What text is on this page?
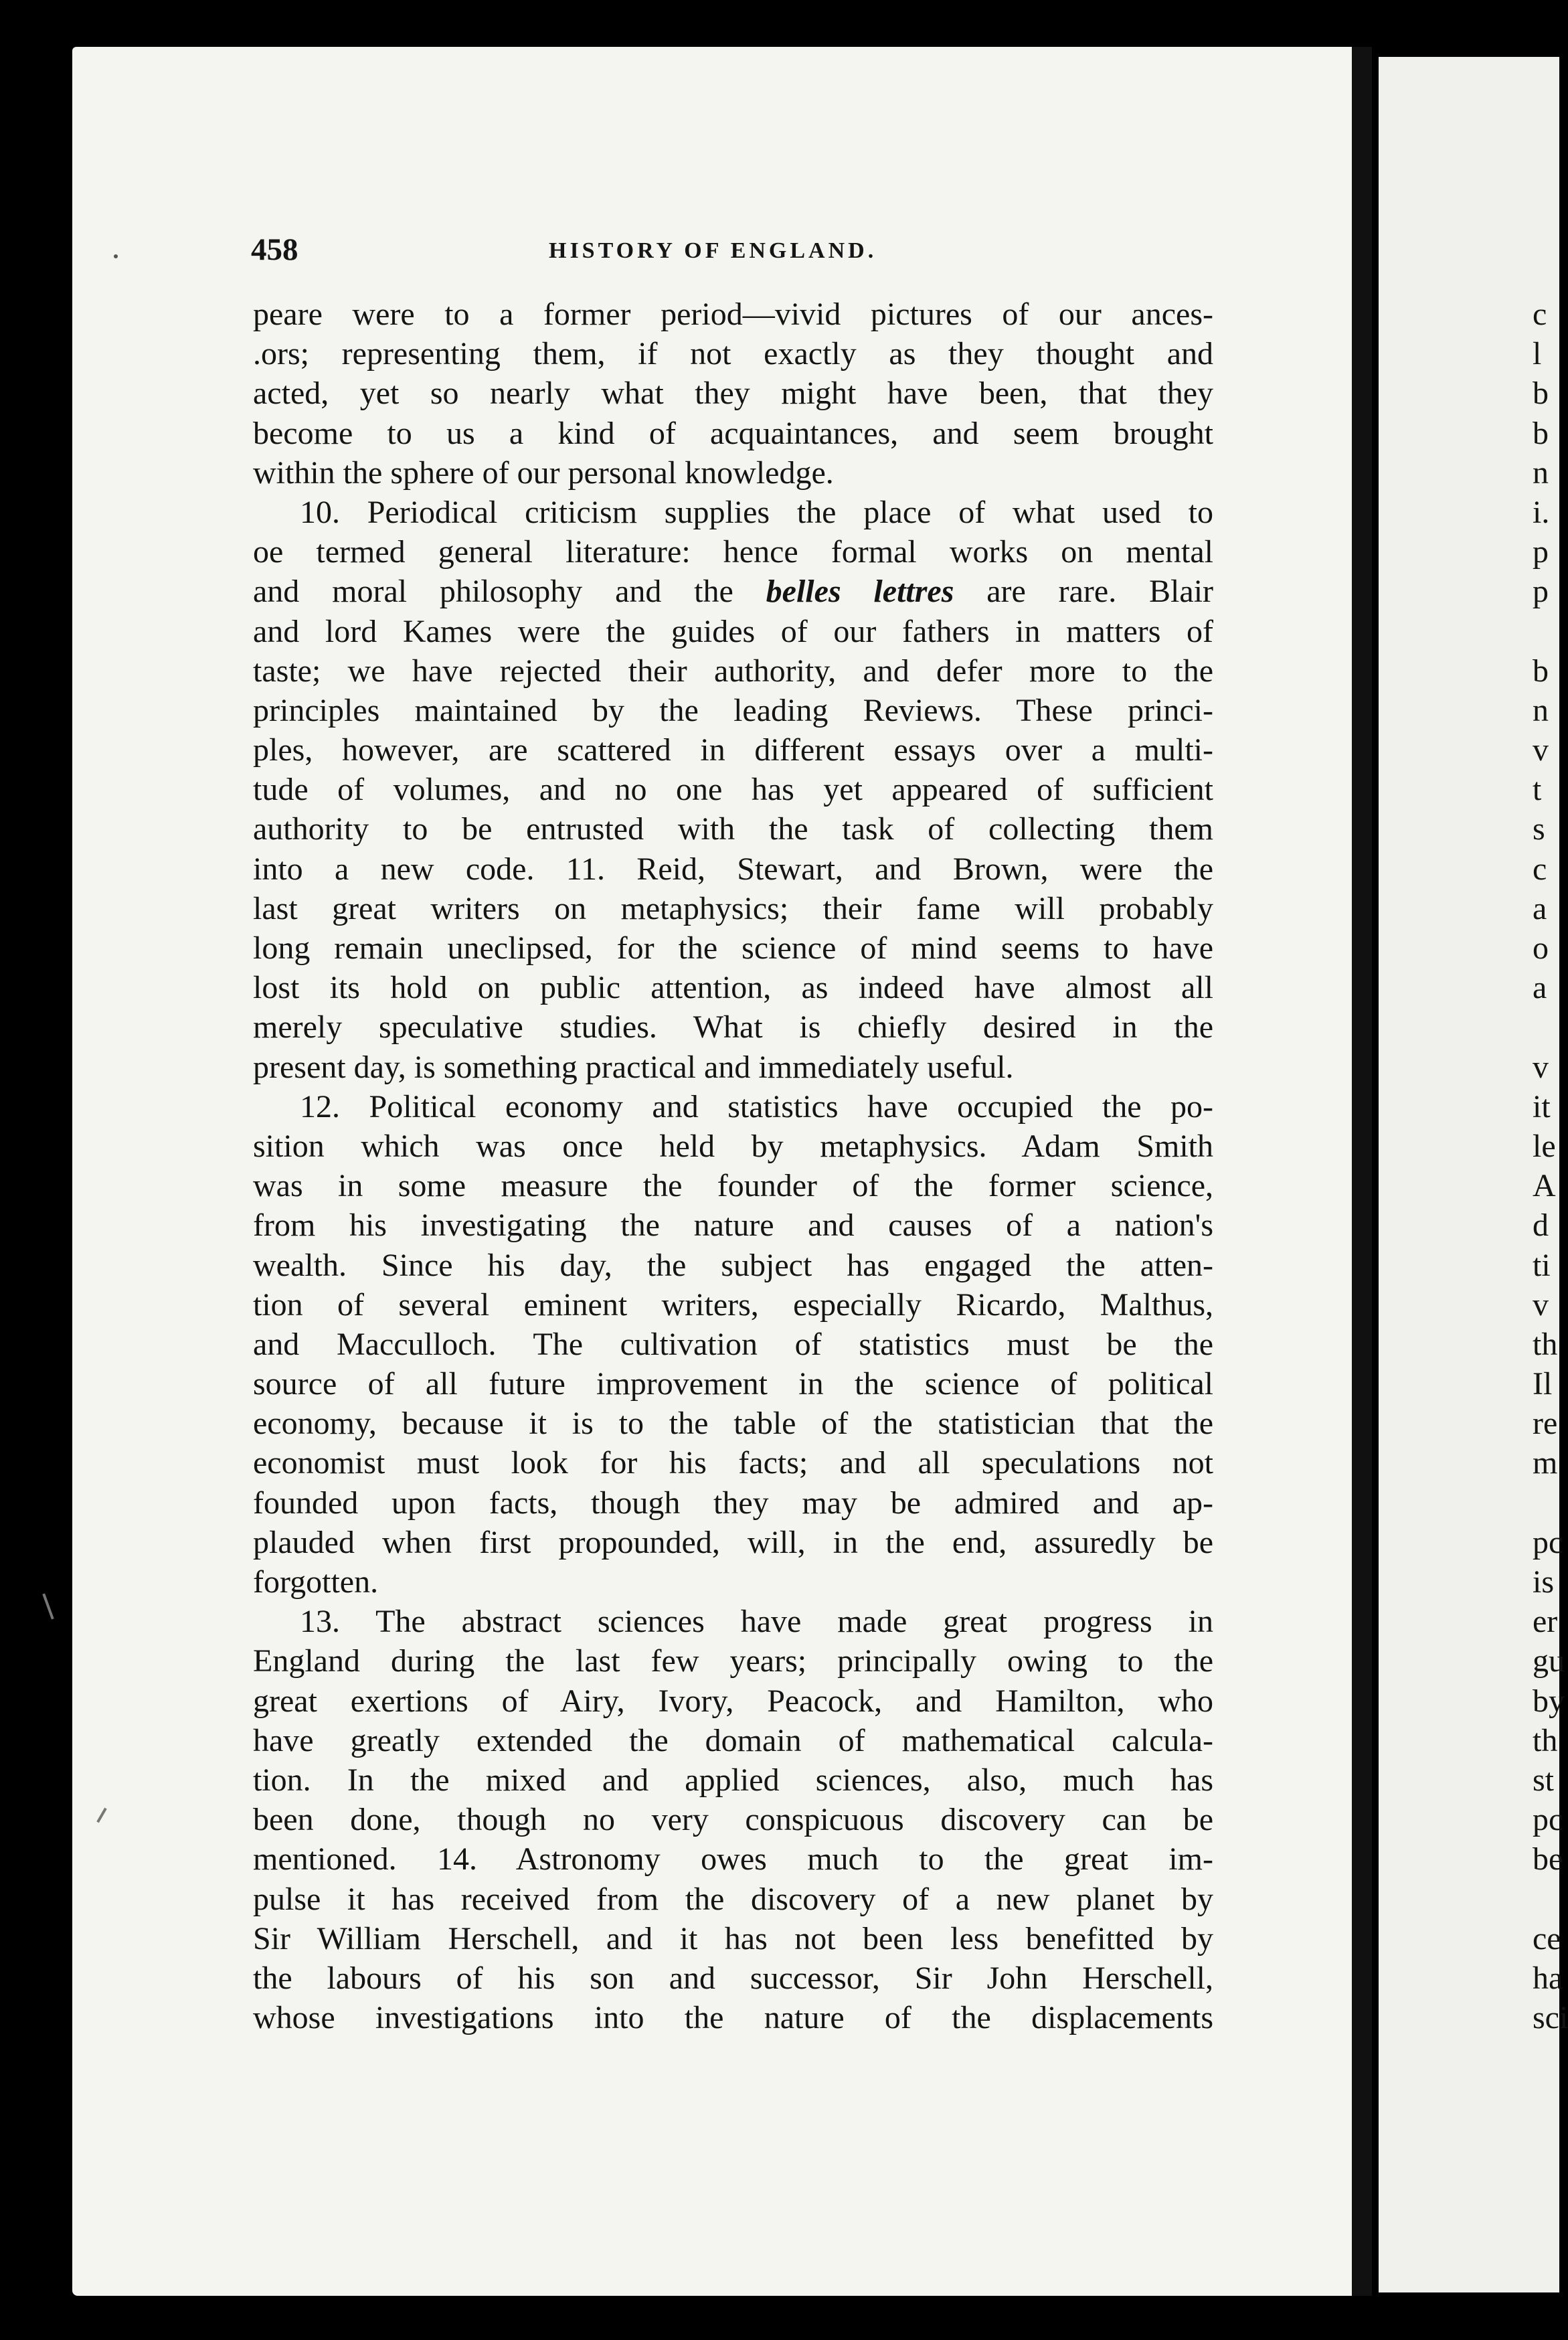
458	HISTORY OF ENGLAND.
peare were to a former period—vivid pictures of our ances-
.ors; representing them, if not exactly as they thought and
acted, yet so nearly what they might have been, that they
become to us a kind of acquaintances, and seem brought
within the sphere of our personal knowledge.
10. Periodical criticism supplies the place of what used to
oe termed general literature: hence formal works on mental
and moral philosophy and the belles lettres are rare. Blair
and lord Kames were the guides of our fathers in matters of
taste; we have rejected their authority, and defer more to the
principles maintained by the leading Reviews. These princi-
ples, however, are scattered in different essays over a multi-
tude of volumes, and no one has yet appeared of sufficient
authority to be entrusted with the task of collecting them
into a new code. 11. Reid, Stewart, and Brown, were the
last great writers on metaphysics; their fame will probably
long remain uneclipsed, for the science of mind seems to have
lost its hold on public attention, as indeed have almost all
merely speculative studies. What is chiefly desired in the
present day, is something practical and immediately useful.
12. Political economy and statistics have occupied the po-
sition which was once held by metaphysics. Adam Smith
was in some measure the founder of the former science,
from his investigating the nature and causes of a nation's
wealth. Since his day, the subject has engaged the atten-
tion of several eminent writers, especially Ricardo, Malthus,
and Macculloch. The cultivation of statistics must be the
source of all future improvement in the science of political
economy, because it is to the table of the statistician that the
economist must look for his facts; and all speculations not
founded upon facts, though they may be admired and ap-
plauded when first propounded, will, in the end, assuredly be
forgotten.
13. The abstract sciences have made great progress in
England during the last few years; principally owing to the
great exertions of Airy, Ivory, Peacock, and Hamilton, who
have greatly extended the domain of mathematical calcula-
tion. In the mixed and applied sciences, also, much has
been done, though no very conspicuous discovery can be
mentioned. 14. Astronomy owes much to the great im-
pulse it has received from the discovery of a new planet by
Sir William Herschell, and it has not been less benefitted by
the labours of his son and successor, Sir John Herschell,
whose investigations into the nature of the displacements
c
l
b
b
n
i.
p
p
b
n
v
t
s
c
a
o
a
v
it
le
A
d
ti
v
th
Il
re
m
pc
is
er
gu
by
th
st
pc
be
ce
ha
sci
